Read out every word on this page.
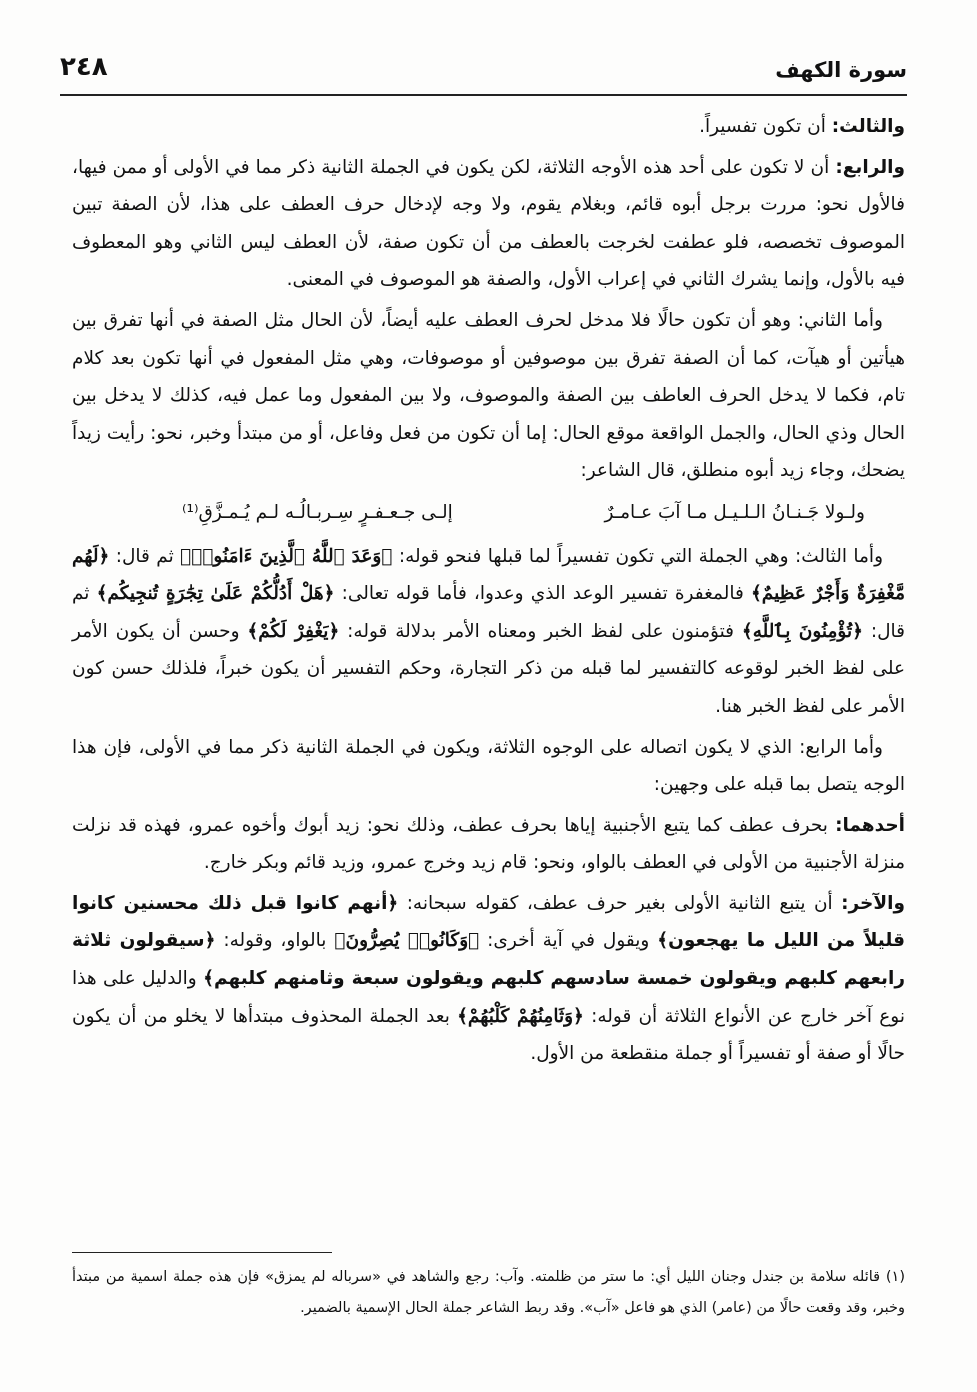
سورة الكهف
٢٤٨

والثالث: أن تكون تفسيراً.

والرابع: أن لا تكون على أحد هذه الأوجه الثلاثة، لكن يكون في الجملة الثانية ذكر مما في الأولى أو ممن فيها، فالأول نحو: مررت برجل أبوه قائم، وبغلام يقوم، ولا وجه لإدخال حرف العطف على هذا، لأن الصفة تبين الموصوف تخصصه، فلو عطفت لخرجت بالعطف من أن تكون صفة، لأن العطف ليس الثاني وهو المعطوف فيه بالأول، وإنما يشرك الثاني في إعراب الأول، والصفة هو الموصوف في المعنى.

وأما الثاني: وهو أن تكون حالًا فلا مدخل لحرف العطف عليه أيضاً، لأن الحال مثل الصفة في أنها تفرق بين هيأتين أو هيآت، كما أن الصفة تفرق بين موصوفين أو موصوفات، وهي مثل المفعول في أنها تكون بعد كلام تام، فكما لا يدخل الحرف العاطف بين الصفة والموصوف، ولا بين المفعول وما عمل فيه، كذلك لا يدخل بين الحال وذي الحال، والجمل الواقعة موقع الحال: إما أن تكون من فعل وفاعل، أو من مبتدأ وخبر، نحو: رأيت زيداً يضحك، وجاء زيد أبوه منطلق، قال الشاعر:

ولـولا جَـنـانُ الـلـيـل مـا آبَ عـامـرٌ
إلـى جـعـفـرٍ سِـربـالُـه لـم يُـمـزَّقِ⁽¹⁾

وأما الثالث: وهي الجملة التي تكون تفسيراً لما قبلها فنحو قوله: ﴿وَعَدَ ٱللَّهُ ٱلَّذِينَ ءَامَنُوا۟﴾ ثم قال: ﴿لَهُم مَّغْفِرَةٌ وَأَجْرٌ عَظِيمٌ﴾ فالمغفرة تفسير الوعد الذي وعدوا، فأما قوله تعالى: ﴿هَلْ أَدُلُّكُمْ عَلَىٰ تِجَٰرَةٍ تُنجِيكُم﴾ ثم قال: ﴿تُؤْمِنُونَ بِٱللَّهِ﴾ فتؤمنون على لفظ الخبر ومعناه الأمر بدلالة قوله: ﴿يَغْفِرْ لَكُمْ﴾ وحسن أن يكون الأمر على لفظ الخبر لوقوعه كالتفسير لما قبله من ذكر التجارة، وحكم التفسير أن يكون خبراً، فلذلك حسن كون الأمر على لفظ الخبر هنا.

وأما الرابع: الذي لا يكون اتصاله على الوجوه الثلاثة، ويكون في الجملة الثانية ذكر مما في الأولى، فإن هذا الوجه يتصل بما قبله على وجهين:

أحدهما: بحرف عطف كما يتبع الأجنبية إياها بحرف عطف، وذلك نحو: زيد أبوك وأخوه عمرو، فهذه قد نزلت منزلة الأجنبية من الأولى في العطف بالواو، ونحو: قام زيد وخرج عمرو، وزيد قائم وبكر خارج.

والآخر: أن يتبع الثانية الأولى بغير حرف عطف، كقوله سبحانه: ﴿أنهم كانوا قبل ذلك محسنين كانوا قليلاً من الليل ما يهجعون﴾ ويقول في آية أخرى: ﴿وَكَانُوا۟ يُصِرُّونَ﴾ بالواو، وقوله: ﴿سيقولون ثلاثة رابعهم كلبهم ويقولون خمسة سادسهم كلبهم ويقولون سبعة وثامنهم كلبهم﴾ والدليل على هذا نوع آخر خارج عن الأنواع الثلاثة أن قوله: ﴿وَثَامِنُهُمْ كَلْبُهُمْ﴾ بعد الجملة المحذوف مبتدأها لا يخلو من أن يكون حالًا أو صفة أو تفسيراً أو جملة منقطعة من الأول.

(١) قائله سلامة بن جندل وجنان الليل أي: ما ستر من ظلمته. وآب: رجع والشاهد في «سرباله لم يمزق» فإن هذه جملة اسمية من مبتدأ وخبر، وقد وقعت حالًا من (عامر) الذي هو فاعل «آب». وقد ربط الشاعر جملة الحال الإسمية بالضمير.
